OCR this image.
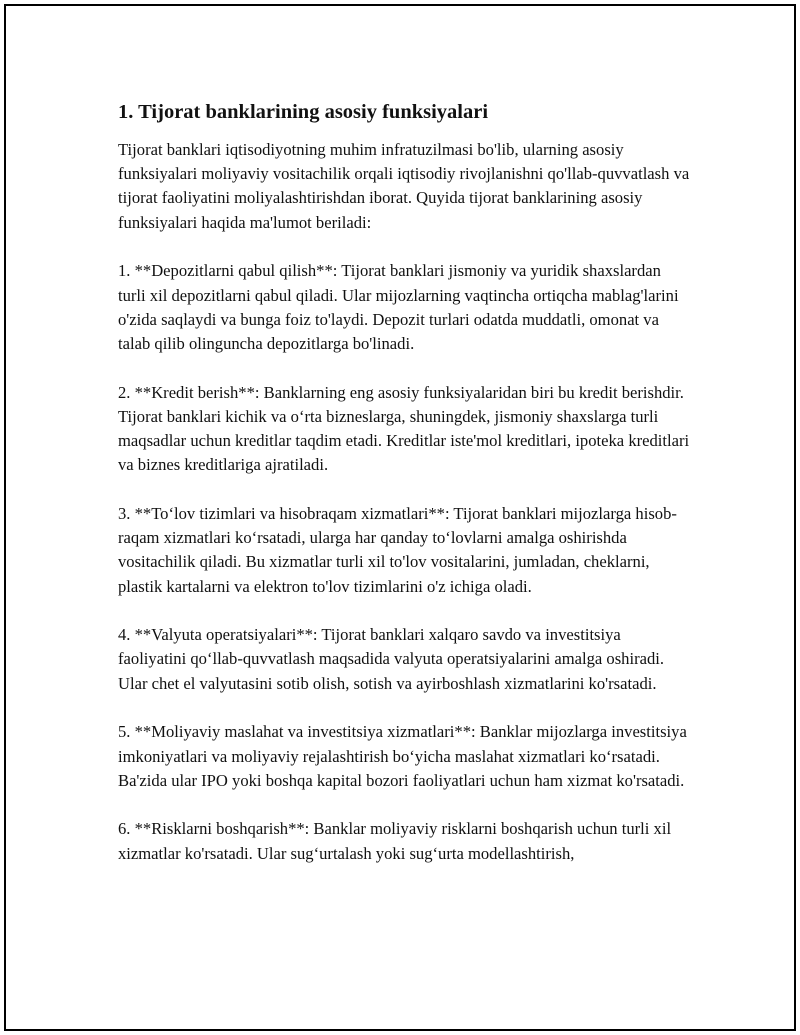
1. Tijorat banklarining asosiy funksiyalari

Tijorat banklari iqtisodiyotning muhim infratuzilmasi bo'lib, ularning asosiy funksiyalari moliyaviy vositachilik orqali iqtisodiy rivojlanishni qo'llab-quvvatlash va tijorat faoliyatini moliyalashtirishdan iborat. Quyida tijorat banklarining asosiy funksiyalari haqida ma'lumot beriladi:

1. **Depozitlarni qabul qilish**: Tijorat banklari jismoniy va yuridik shaxslardan turli xil depozitlarni qabul qiladi. Ular mijozlarning vaqtincha ortiqcha mablag'larini o'zida saqlaydi va bunga foiz to'laydi. Depozit turlari odatda muddatli, omonat va talab qilib olinguncha depozitlarga bo'linadi.

2. **Kredit berish**: Banklarning eng asosiy funksiyalaridan biri bu kredit berishdir. Tijorat banklari kichik va o‘rta bizneslarga, shuningdek, jismoniy shaxslarga turli maqsadlar uchun kreditlar taqdim etadi. Kreditlar iste'mol kreditlari, ipoteka kreditlari va biznes kreditlariga ajratiladi.

3. **To‘lov tizimlari va hisobraqam xizmatlari**: Tijorat banklari mijozlarga hisob-raqam xizmatlari ko‘rsatadi, ularga har qanday to‘lovlarni amalga oshirishda vositachilik qiladi. Bu xizmatlar turli xil to'lov vositalarini, jumladan, cheklarni, plastik kartalarni va elektron to'lov tizimlarini o'z ichiga oladi.

4. **Valyuta operatsiyalari**: Tijorat banklari xalqaro savdo va investitsiya faoliyatini qo‘llab-quvvatlash maqsadida valyuta operatsiyalarini amalga oshiradi. Ular chet el valyutasini sotib olish, sotish va ayirboshlash xizmatlarini ko'rsatadi.

5. **Moliyaviy maslahat va investitsiya xizmatlari**: Banklar mijozlarga investitsiya imkoniyatlari va moliyaviy rejalashtirish bo‘yicha maslahat xizmatlari ko‘rsatadi. Ba'zida ular IPO yoki boshqa kapital bozori faoliyatlari uchun ham xizmat ko'rsatadi.

6. **Risklarni boshqarish**: Banklar moliyaviy risklarni boshqarish uchun turli xil xizmatlar ko'rsatadi. Ular sug‘urtalash yoki sug‘urta modellashtirish,
